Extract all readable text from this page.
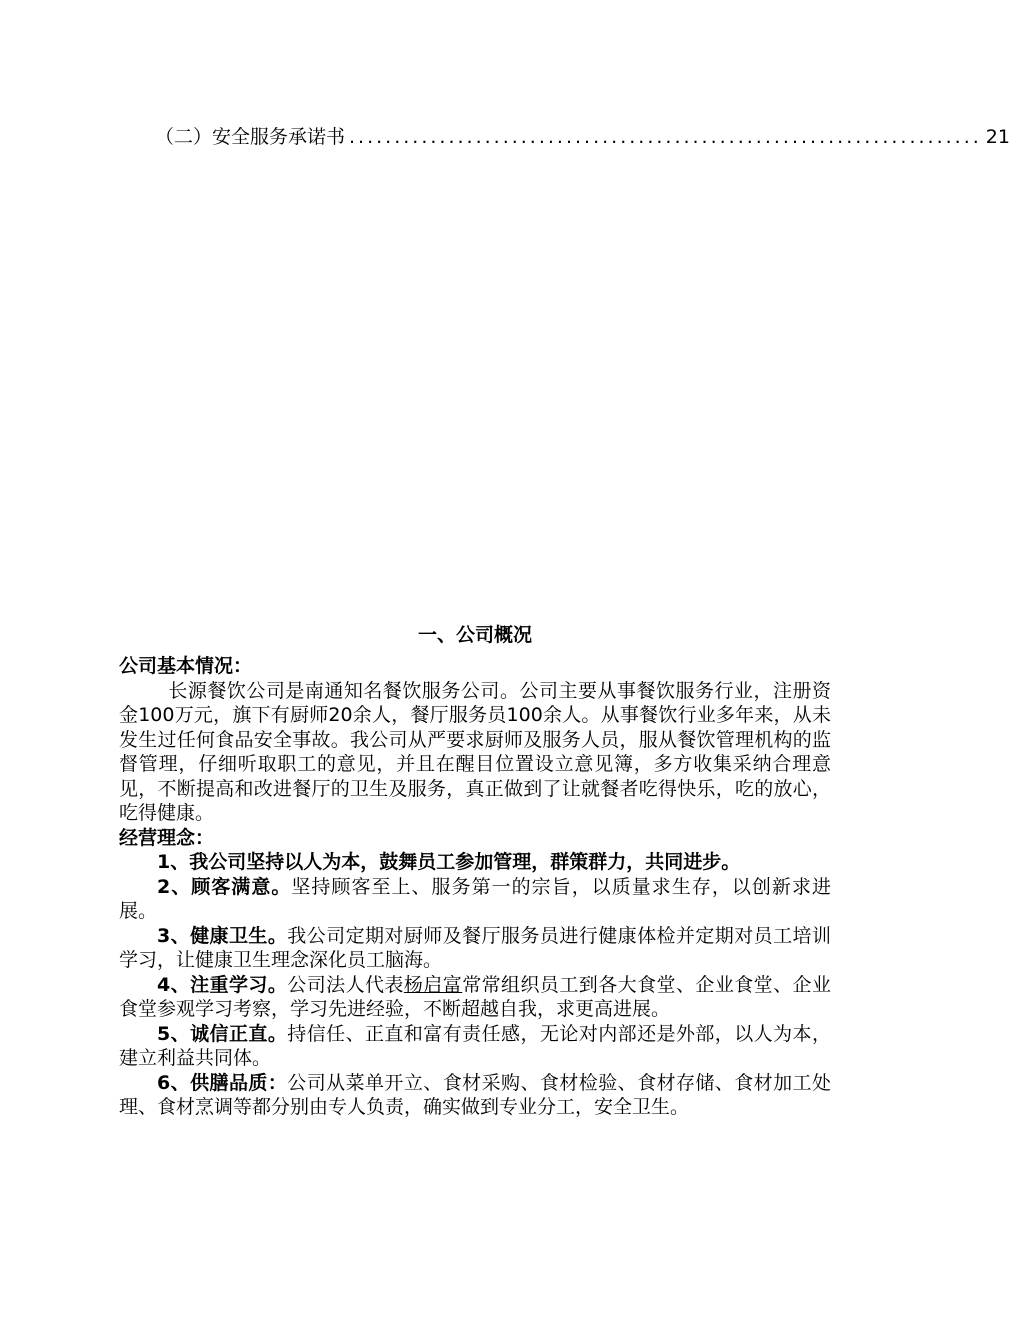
（二）安全服务承诺书 ...................................................................... 21
一、公司概况

公司基本情况：

长源餐饮公司是南通知名餐饮服务公司。公司主要从事餐饮服务行业，注册资金100万元，旗下有厨师20余人，餐厅服务员100余人。从事餐饮行业多年来，从未发生过任何食品安全事故。我公司从严要求厨师及服务人员，服从餐饮管理机构的监督管理，仔细听取职工的意见，并且在醒目位置设立意见簿，多方收集采纳合理意见，不断提高和改进餐厅的卫生及服务，真正做到了让就餐者吃得快乐，吃的放心，吃得健康。

经营理念：

1、我公司坚持以人为本，鼓舞员工参加管理，群策群力，共同进步。

2、顾客满意。坚持顾客至上、服务第一的宗旨，以质量求生存，以创新求进展。

3、健康卫生。我公司定期对厨师及餐厅服务员进行健康体检并定期对员工培训学习，让健康卫生理念深化员工脑海。

4、注重学习。公司法人代表杨启富常常组织员工到各大食堂、企业食堂、企业食堂参观学习考察，学习先进经验，不断超越自我，求更高进展。

5、诚信正直。持信任、正直和富有责任感，无论对内部还是外部，以人为本，建立利益共同体。

6、供膳品质：公司从菜单开立、食材采购、食材检验、食材存储、食材加工处理、食材烹调等都分别由专人负责，确实做到专业分工，安全卫生。
